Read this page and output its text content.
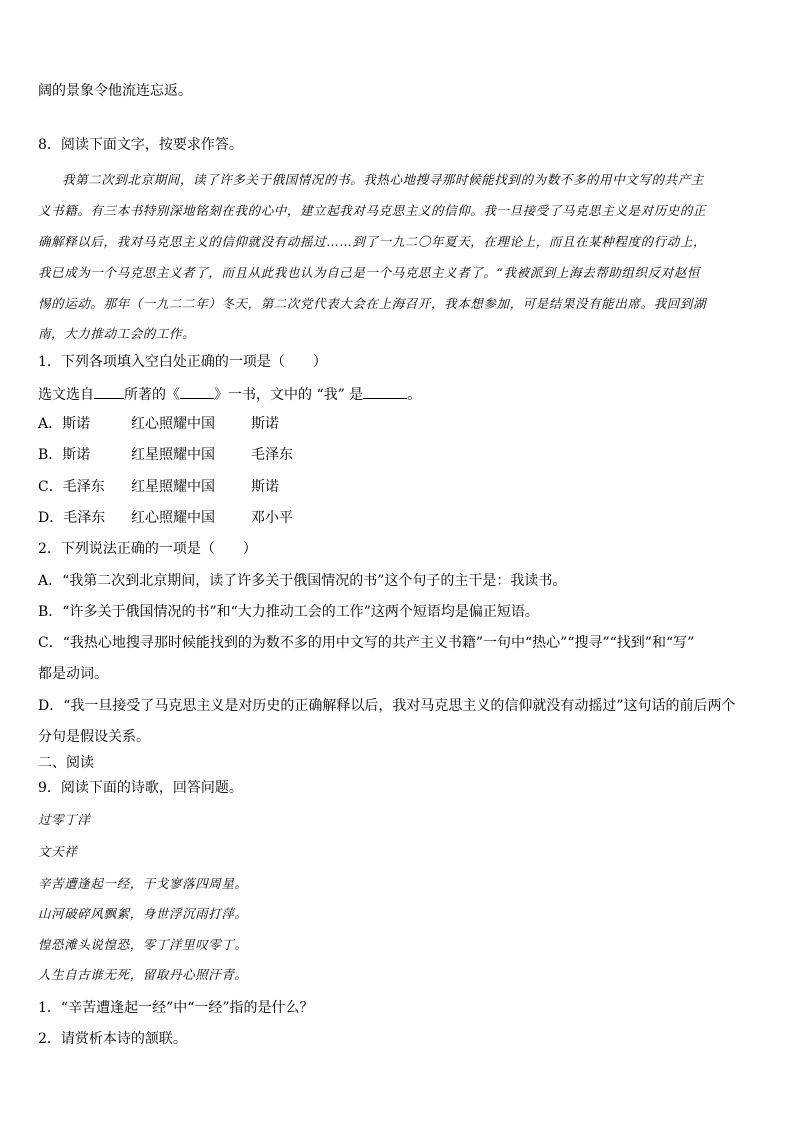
阔的景象令他流连忘返。
8．阅读下面文字，按要求作答。
我第二次到北京期间，读了许多关于俄国情况的书。我热心地搜寻那时候能找到的为数不多的用中文写的共产主
义书籍。有三本书特别深地铭刻在我的心中，建立起我对马克思主义的信仰。我一旦接受了马克思主义是对历史的正
确解释以后，我对马克思主义的信仰就没有动摇过……到了一九二〇年夏天，在理论上，而且在某种程度的行动上，
我已成为一个马克思主义者了，而且从此我也认为自己是一个马克思主义者了。“我被派到上海去帮助组织反对赵恒
惕的运动。那年（一九二二年）冬天，第二次党代表大会在上海召开，我本想参加，可是结果没有能出席。我回到湖
南，大力推动工会的工作。
1．下列各项填入空白处正确的一项是（　　）
选文选自 所著的《 》一书，文中的 “我” 是	。
A．斯诺	红心照耀中国	斯诺
B．斯诺	红星照耀中国	毛泽东
C．毛泽东 红星照耀中国	斯诺
D．毛泽东 红心照耀中国	邓小平
2．下列说法正确的一项是（　　）
A．“我第二次到北京期间，读了许多关于俄国情况的书”这个句子的主干是：我读书。
B．“许多关于俄国情况的书”和“大力推动工会的工作”这两个短语均是偏正短语。
C．“我热心地搜寻那时候能找到的为数不多的用中文写的共产主义书籍”一句中“热心”“搜寻”“找到”和“写”
都是动词。
D．“我一旦接受了马克思主义是对历史的正确解释以后，我对马克思主义的信仰就没有动摇过”这句话的前后两个
分句是假设关系。
二、阅读
9．阅读下面的诗歌，回答问题。
过零丁洋
文天祥
辛苦遭逢起一经，干戈寥落四周星。
山河破碎风飘絮，身世浮沉雨打萍。
惶恐滩头说惶恐，零丁洋里叹零丁。
人生自古谁无死，留取丹心照汗青。
1．“辛苦遭逢起一经”中“一经”指的是什么？
2．请赏析本诗的颔联。
